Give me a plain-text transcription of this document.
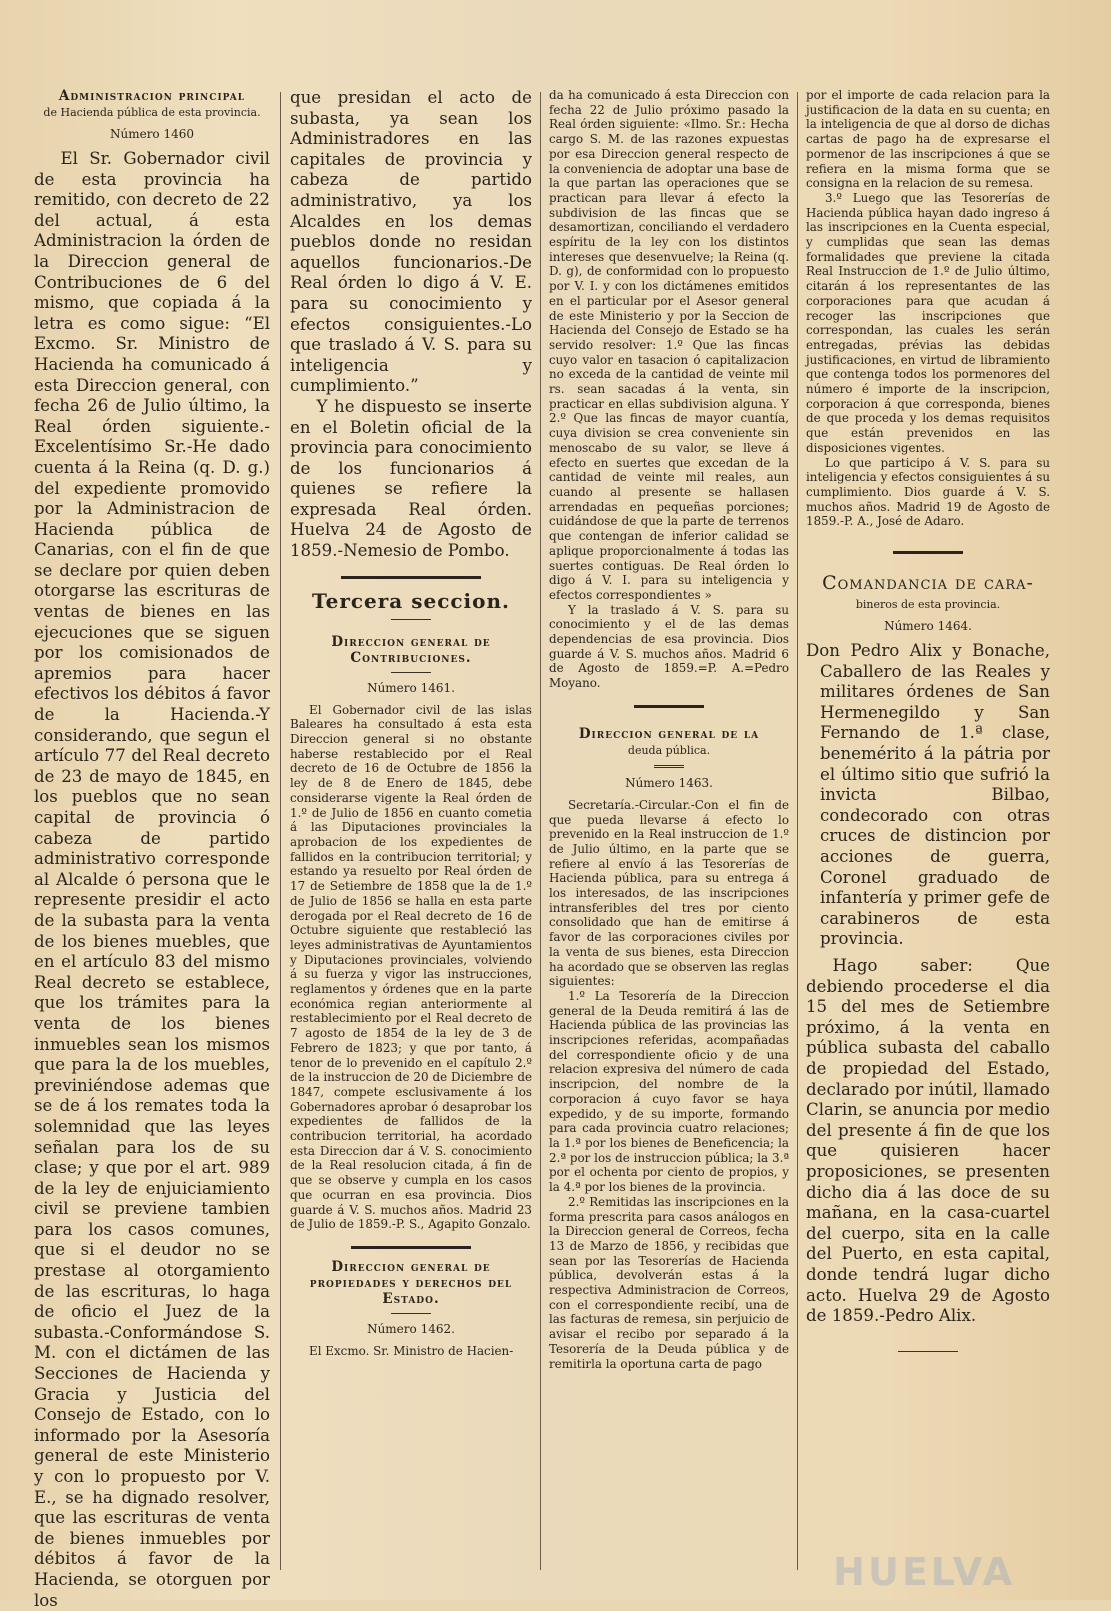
Administracion principal
de Hacienda pública de esta provincia.
Número 1460

El Sr. Gobernador civil de esta provincia ha remitido, con decreto de 22 del actual, á esta Administracion la órden de la Direccion general de Contribuciones de 6 del mismo, que copiada á la letra es como sigue: “El Excmo. Sr. Ministro de Hacienda ha comunicado á esta Direccion general, con fecha 26 de Julio último, la Real órden siguiente.-Excelentísimo Sr.-He dado cuenta á la Reina (q. D. g.) del expediente promovido por la Administracion de Hacienda pública de Canarias, con el fin de que se declare por quien deben otorgarse las escrituras de ventas de bienes en las ejecuciones que se siguen por los comisionados de apremios para hacer efectivos los débitos á favor de la Hacienda.-Y considerando, que segun el artículo 77 del Real decreto de 23 de mayo de 1845, en los pueblos que no sean capital de provincia ó cabeza de partido administrativo corresponde al Alcalde ó persona que le represente presidir el acto de la subasta para la venta de los bienes muebles, que en el artículo 83 del mismo Real decreto se establece, que los trámites para la venta de los bienes inmuebles sean los mismos que para la de los muebles, previniéndose ademas que se de á los remates toda la solemnidad que las leyes señalan para los de su clase; y que por el art. 989 de la ley de enjuiciamiento civil se previene tambien para los casos comunes, que si el deudor no se prestase al otorgamiento de las escrituras, lo haga de oficio el Juez de la subasta.-Conformándose S. M. con el dictámen de las Secciones de Hacienda y Gracia y Justicia del Consejo de Estado, con lo informado por la Asesoría general de este Ministerio y con lo propuesto por V. E., se ha dignado resolver, que las escrituras de venta de bienes inmuebles por débitos á favor de la Hacienda, se otorguen por los

que presidan el acto de subasta, ya sean los Administradores en las capitales de provincia y cabeza de partido administrativo, ya los Alcaldes en los demas pueblos donde no residan aquellos funcionarios.-De Real órden lo digo á V. E. para su conocimiento y efectos consiguientes.-Lo que traslado á V. S. para su inteligencia y cumplimiento.”

Y he dispuesto se inserte en el Boletin oficial de la provincia para conocimiento de los funcionarios á quienes se refiere la expresada Real órden. Huelva 24 de Agosto de 1859.-Nemesio de Pombo.

Tercera seccion.
Direccion general de Contribuciones.
Número 1461.

El Gobernador civil de las islas Baleares ha consultado á esta esta Direccion general si no obstante haberse restablecido por el Real decreto de 16 de Octubre de 1856 la ley de 8 de Enero de 1845, debe considerarse vigente la Real órden de 1.º de Julio de 1856 en cuanto cometia á las Diputaciones provinciales la aprobacion de los expedientes de fallidos en la contribucion territorial; y estando ya resuelto por Real órden de 17 de Setiembre de 1858 que la de 1.º de Julio de 1856 se halla en esta parte derogada por el Real decreto de 16 de Octubre siguiente que restableció las leyes administrativas de Ayuntamientos y Diputaciones provinciales, volviendo á su fuerza y vigor las instrucciones, reglamentos y órdenes que en la parte económica regian anteriormente al restablecimiento por el Real decreto de 7 agosto de 1854 de la ley de 3 de Febrero de 1823; y que por tanto, á tenor de lo prevenido en el capítulo 2.º de la instruccion de 20 de Diciembre de 1847, compete esclusivamente á los Gobernadores aprobar ó desaprobar los expedientes de fallidos de la contribucion territorial, ha acordado esta Direccion dar á V. S. conocimiento de la Real resolucion citada, á fin de que se observe y cumpla en los casos que ocurran en esa provincia. Dios guarde á V. S. muchos años. Madrid 23 de Julio de 1859.-P. S., Agapito Gonzalo.

Direccion general de propiedades y derechos del Estado.
Número 1462.

El Excmo. Sr. Ministro de Hacien-

da ha comunicado á esta Direccion con fecha 22 de Julio próximo pasado la Real órden siguiente: «Ilmo. Sr.: Hecha cargo S. M. de las razones expuestas por esa Direccion general respecto de la conveniencia de adoptar una base de la que partan las operaciones que se practican para llevar á efecto la subdivision de las fincas que se desamortizan, conciliando el verdadero espíritu de la ley con los distintos intereses que desenvuelve; la Reina (q. D. g), de conformidad con lo propuesto por V. I. y con los dictámenes emitidos en el particular por el Asesor general de este Ministerio y por la Seccion de Hacienda del Consejo de Estado se ha servido resolver: 1.º Que las fincas cuyo valor en tasacion ó capitalizacion no exceda de la cantidad de veinte mil rs. sean sacadas á la venta, sin practicar en ellas subdivision alguna. Y 2.º Que las fincas de mayor cuantía, cuya division se crea conveniente sin menoscabo de su valor, se lleve á efecto en suertes que excedan de la cantidad de veinte mil reales, aun cuando al presente se hallasen arrendadas en pequeñas porciones; cuidándose de que la parte de terrenos que contengan de inferior calidad se aplique proporcionalmente á todas las suertes contiguas. De Real órden lo digo á V. I. para su inteligencia y efectos correspondientes »

Y la traslado á V. S. para su conocimiento y el de las demas dependencias de esa provincia. Dios guarde á V. S. muchos años. Madrid 6 de Agosto de 1859.=P. A.=Pedro Moyano.

Direccion general de la
deuda pública.
Número 1463.

Secretaría.-Circular.-Con el fin de que pueda llevarse á efecto lo prevenido en la Real instruccion de 1.º de Julio último, en la parte que se refiere al envío á las Tesorerías de Hacienda pública, para su entrega á los interesados, de las inscripciones intransferibles del tres por ciento consolidado que han de emitirse á favor de las corporaciones civiles por la venta de sus bienes, esta Direccion ha acordado que se observen las reglas siguientes:

1.º La Tesorería de la Direccion general de la Deuda remitirá á las de Hacienda pública de las provincias las inscripciones referidas, acompañadas del correspondiente oficio y de una relacion expresiva del número de cada inscripcion, del nombre de la corporacion á cuyo favor se haya expedido, y de su importe, formando para cada provincia cuatro relaciones; la 1.ª por los bienes de Beneficencia; la 2.ª por los de instruccion pública; la 3.ª por el ochenta por ciento de propios, y la 4.ª por los bienes de la provincia.

2.º Remitidas las inscripciones en la forma prescrita para casos análogos en la Direccion general de Correos, fecha 13 de Marzo de 1856, y recibidas que sean por las Tesorerías de Hacienda pública, devolverán estas á la respectiva Administracion de Correos, con el correspondiente recibí, una de las facturas de remesa, sin perjuicio de avisar el recibo por separado á la Tesorería de la Deuda pública y de remitirla la oportuna carta de pago

por el importe de cada relacion para la justificacion de la data en su cuenta; en la inteligencia de que al dorso de dichas cartas de pago ha de expresarse el pormenor de las inscripciones á que se refiera en la misma forma que se consigna en la relacion de su remesa.

3.º Luego que las Tesorerías de Hacienda pública hayan dado ingreso á las inscripciones en la Cuenta especial, y cumplidas que sean las demas formalidades que previene la citada Real Instruccion de 1.º de Julio último, citarán á los representantes de las corporaciones para que acudan á recoger las inscripciones que correspondan, las cuales les serán entregadas, prévias las debidas justificaciones, en virtud de libramiento que contenga todos los pormenores del número é importe de la inscripcion, corporacion á que corresponda, bienes de que proceda y los demas requisitos que están prevenidos en las disposiciones vigentes.

Lo que participo á V. S. para su inteligencia y efectos consiguientes á su cumplimiento. Dios guarde á V. S. muchos años. Madrid 19 de Agosto de 1859.-P. A., José de Adaro.

Comandancia de cara-
bineros de esta provincia.
Número 1464.
Don Pedro Alix y Bonache, Caballero de las Reales y militares órdenes de San Hermenegildo y San Fernando de 1.ª clase, benemérito á la pátria por el último sitio que sufrió la invicta Bilbao, condecorado con otras cruces de distincion por acciones de guerra, Coronel graduado de infantería y primer gefe de carabineros de esta provincia.

Hago saber: Que debiendo procederse el dia 15 del mes de Setiembre próximo, á la venta en pública subasta del caballo de propiedad del Estado, declarado por inútil, llamado Clarin, se anuncia por medio del presente á fin de que los que quisieren hacer proposiciones, se presenten dicho dia á las doce de su mañana, en la casa-cuartel del cuerpo, sita en la calle del Puerto, en esta capital, donde tendrá lugar dicho acto. Huelva 29 de Agosto de 1859.-Pedro Alix.

HUELVA
